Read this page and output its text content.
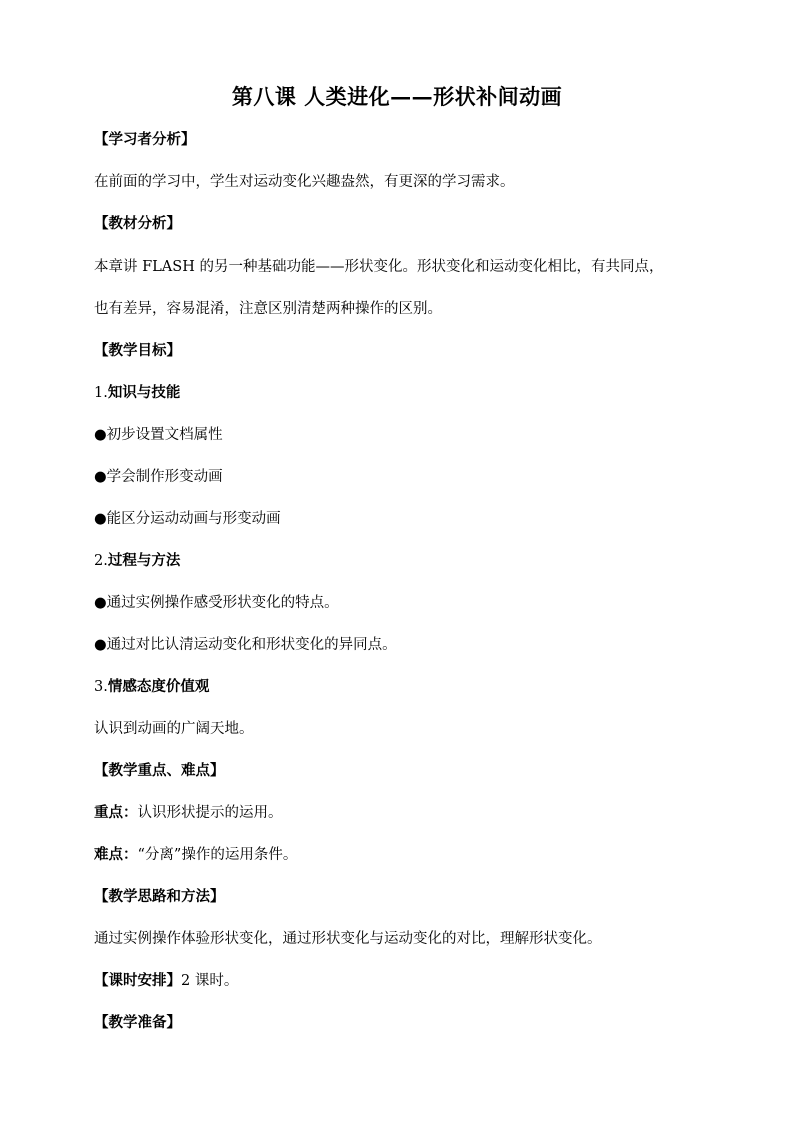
第八课 人类进化——形状补间动画
【学习者分析】
在前面的学习中，学生对运动变化兴趣盎然，有更深的学习需求。
【教材分析】
本章讲 FLASH 的另一种基础功能——形状变化。形状变化和运动变化相比，有共同点，
也有差异，容易混淆，注意区别清楚两种操作的区别。
【教学目标】
1.知识与技能
●初步设置文档属性
●学会制作形变动画
●能区分运动动画与形变动画
2.过程与方法
●通过实例操作感受形状变化的特点。
●通过对比认清运动变化和形状变化的异同点。
3.情感态度价值观
认识到动画的广阔天地。
【教学重点、难点】
重点：认识形状提示的运用。
难点：“分离”操作的运用条件。
【教学思路和方法】
通过实例操作体验形状变化，通过形状变化与运动变化的对比，理解形状变化。
【课时安排】2 课时。
【教学准备】
